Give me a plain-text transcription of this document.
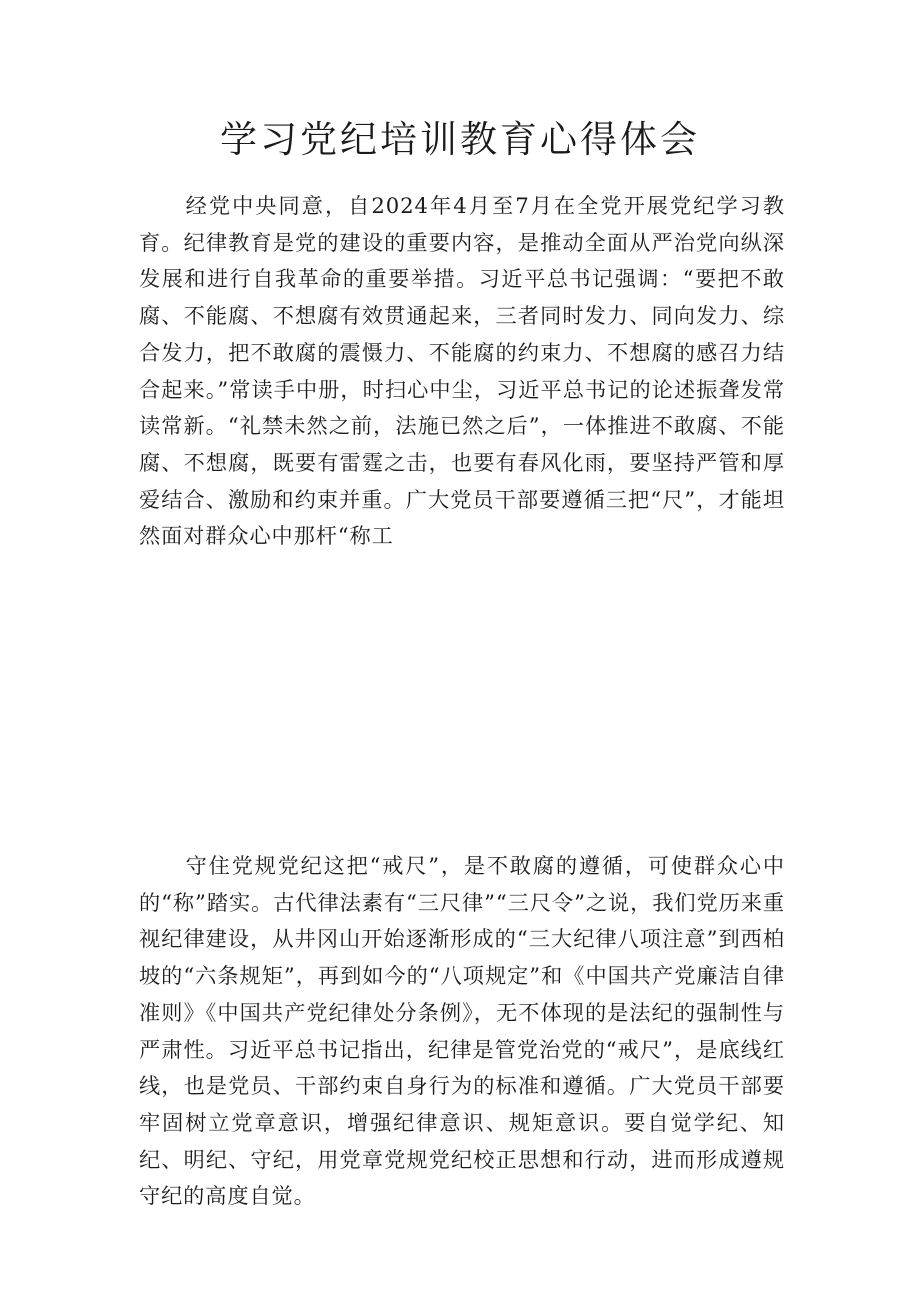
学习党纪培训教育心得体会

经党中央同意，自2024年4月至7月在全党开展党纪学习教育。纪律教育是党的建设的重要内容，是推动全面从严治党向纵深发展和进行自我革命的重要举措。习近平总书记强调：“要把不敢腐、不能腐、不想腐有效贯通起来，三者同时发力、同向发力、综合发力，把不敢腐的震慑力、不能腐的约束力、不想腐的感召力结合起来。”常读手中册，时扫心中尘，习近平总书记的论述振聋发常读常新。“礼禁未然之前，法施已然之后”，一体推进不敢腐、不能腐、不想腐，既要有雷霆之击，也要有春风化雨，要坚持严管和厚爱结合、激励和约束并重。广大党员干部要遵循三把“尺”，才能坦然面对群众心中那杆“称工

守住党规党纪这把“戒尺”，是不敢腐的遵循，可使群众心中的“称”踏实。古代律法素有“三尺律”“三尺令”之说，我们党历来重视纪律建设，从井冈山开始逐渐形成的“三大纪律八项注意”到西柏坡的“六条规矩”，再到如今的“八项规定”和《中国共产党廉洁自律准则》《中国共产党纪律处分条例》，无不体现的是法纪的强制性与严肃性。习近平总书记指出，纪律是管党治党的“戒尺”，是底线红线，也是党员、干部约束自身行为的标准和遵循。广大党员干部要牢固树立党章意识，增强纪律意识、规矩意识。要自觉学纪、知纪、明纪、守纪，用党章党规党纪校正思想和行动，进而形成遵规守纪的高度自觉。
